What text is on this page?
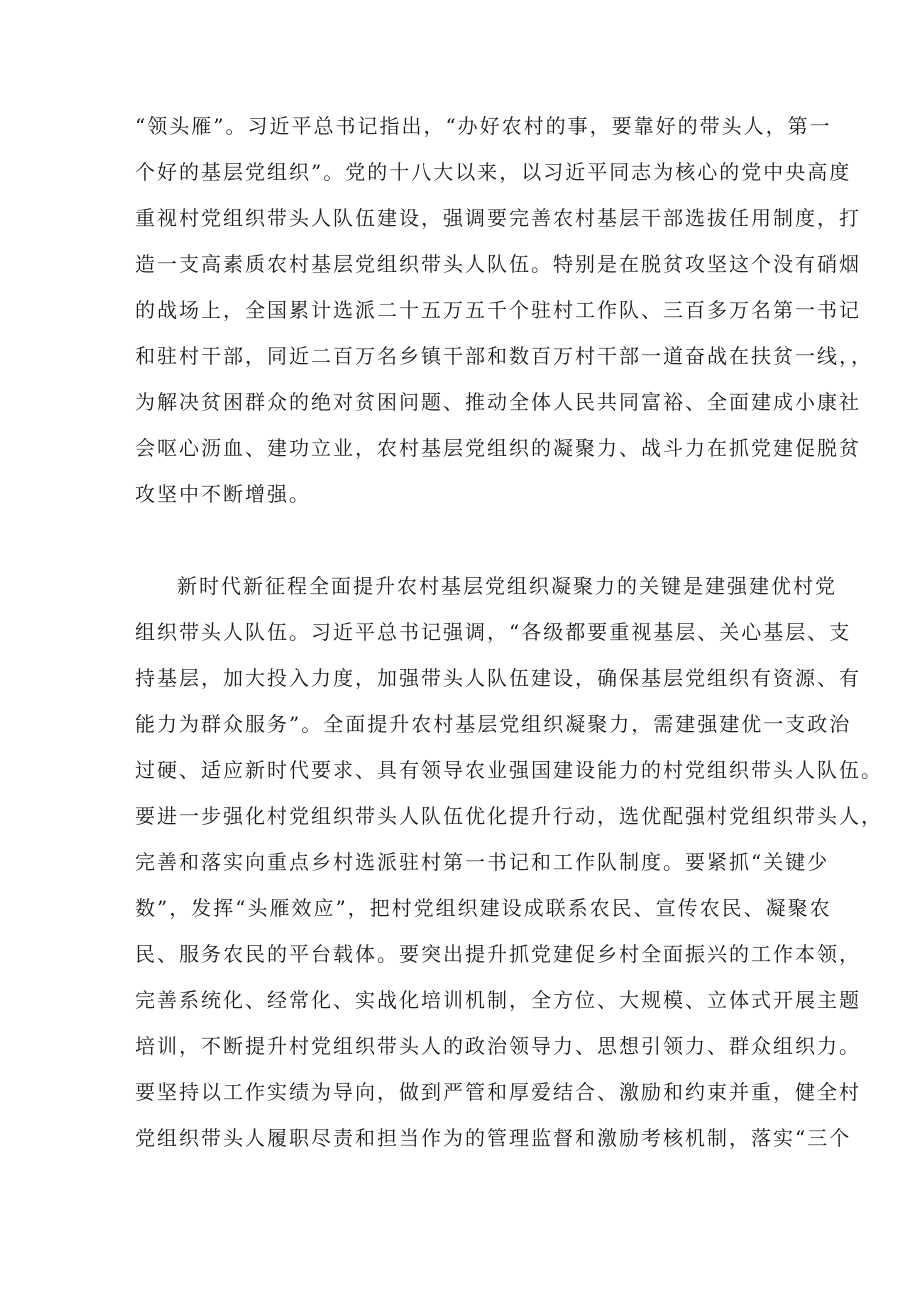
“领头雁”。习近平总书记指出，“办好农村的事，要靠好的带头人，第一
个好的基层党组织”。党的十八大以来，以习近平同志为核心的党中央高度
重视村党组织带头人队伍建设，强调要完善农村基层干部选拔任用制度，打
造一支高素质农村基层党组织带头人队伍。特别是在脱贫攻坚这个没有硝烟
的战场上，全国累计选派二十五万五千个驻村工作队、三百多万名第一书记
和驻村干部，同近二百万名乡镇干部和数百万村干部一道奋战在扶贫一线，，
为解决贫困群众的绝对贫困问题、推动全体人民共同富裕、全面建成小康社
会呕心沥血、建功立业，农村基层党组织的凝聚力、战斗力在抓党建促脱贫
攻坚中不断增强。
新时代新征程全面提升农村基层党组织凝聚力的关键是建强建优村党
组织带头人队伍。习近平总书记强调，“各级都要重视基层、关心基层、支
持基层，加大投入力度，加强带头人队伍建设，确保基层党组织有资源、有
能力为群众服务”。全面提升农村基层党组织凝聚力，需建强建优一支政治
过硬、适应新时代要求、具有领导农业强国建设能力的村党组织带头人队伍。
要进一步强化村党组织带头人队伍优化提升行动，选优配强村党组织带头人，
完善和落实向重点乡村选派驻村第一书记和工作队制度。要紧抓“关键少
数”，发挥“头雁效应”，把村党组织建设成联系农民、宣传农民、凝聚农
民、服务农民的平台载体。要突出提升抓党建促乡村全面振兴的工作本领，
完善系统化、经常化、实战化培训机制，全方位、大规模、立体式开展主题
培训，不断提升村党组织带头人的政治领导力、思想引领力、群众组织力。
要坚持以工作实绩为导向，做到严管和厚爱结合、激励和约束并重，健全村
党组织带头人履职尽责和担当作为的管理监督和激励考核机制，落实“三个
